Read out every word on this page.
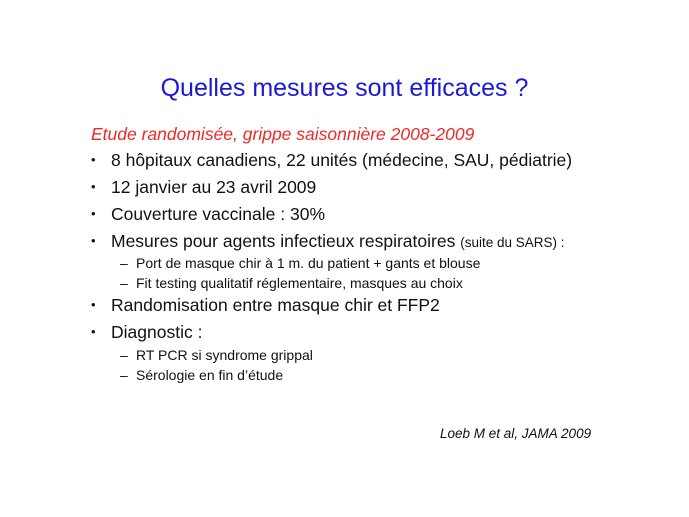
Quelles mesures sont efficaces ?
Etude randomisée, grippe saisonnière 2008-2009
• 8 hôpitaux canadiens, 22 unités (médecine, SAU, pédiatrie)
• 12 janvier au 23 avril 2009
• Couverture vaccinale : 30%
• Mesures pour agents infectieux respiratoires (suite du SARS) :
– Port de masque chir à 1 m. du patient + gants et blouse
– Fit testing qualitatif réglementaire, masques au choix
• Randomisation entre masque chir et FFP2
• Diagnostic :
– RT PCR si syndrome grippal
– Sérologie en fin d’étude
Loeb M et al, JAMA 2009
